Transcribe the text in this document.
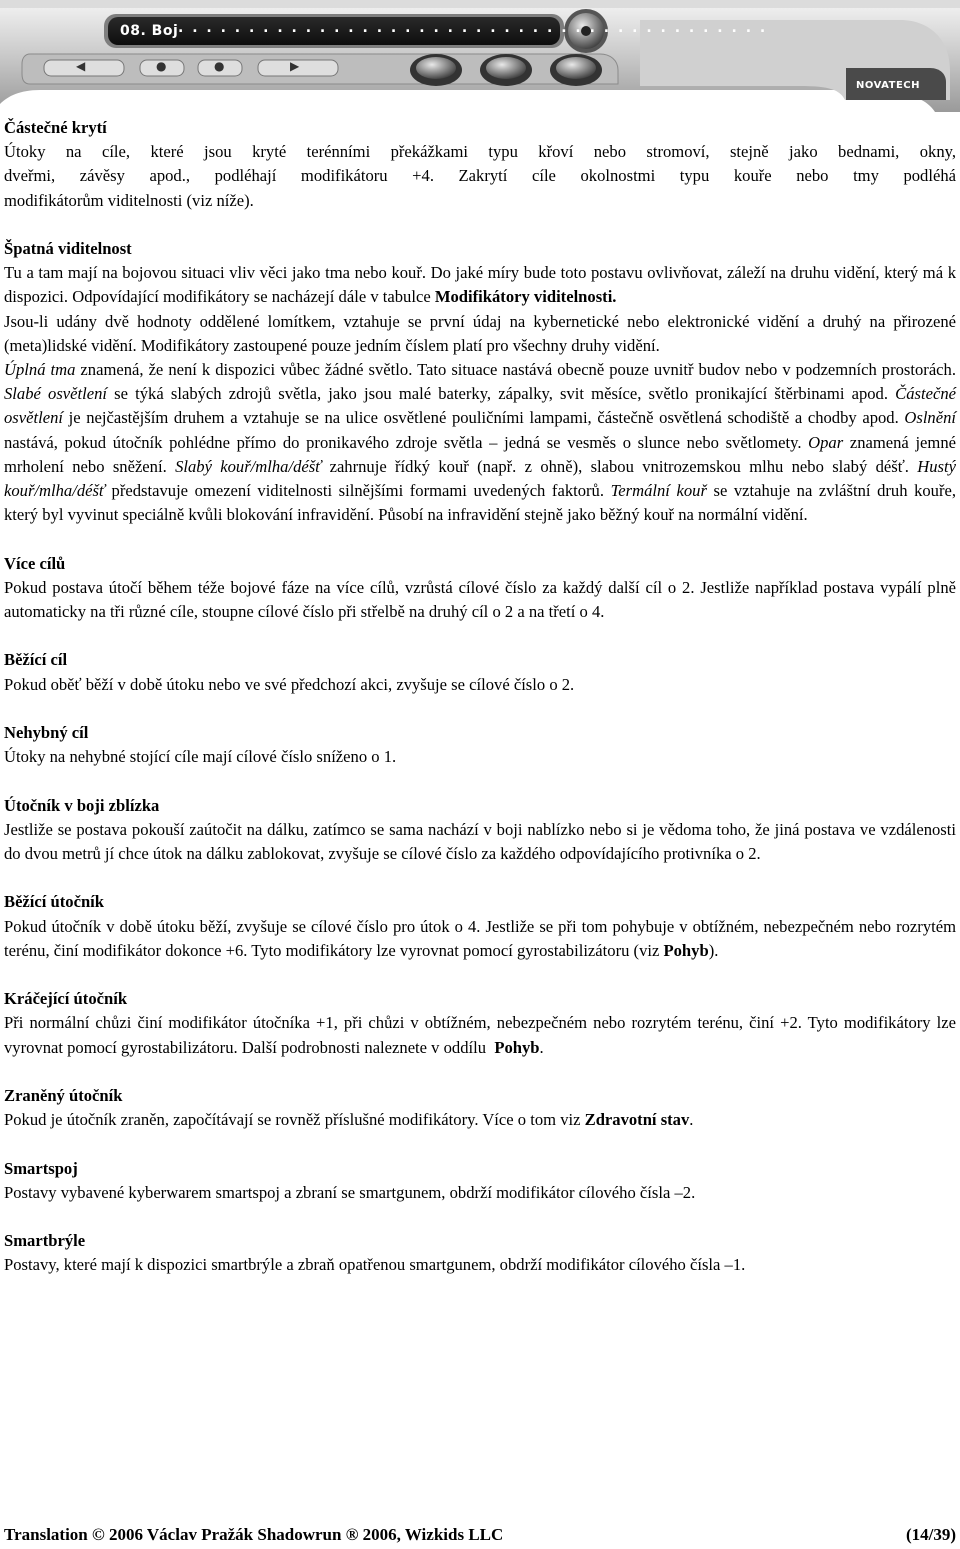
08. Boj . . . . . . . . . . . . . . . . . . . . . . . . . . . . . . . . . . . . . . . . . .
◀	●	●	▶
NOVATECH
Částečné krytí
Útoky na cíle, které jsou kryté terénními překážkami typu křoví nebo stromoví, stejně jako bednami, okny,
dveřmi, závěsy apod., podléhají modifikátoru +4. Zakrytí cíle okolnostmi typu kouře nebo tmy podléhá
modifikátorům viditelnosti (viz níže).
Špatná viditelnost
Tu a tam mají na bojovou situaci vliv věci jako tma nebo kouř. Do jaké míry bude toto postavu ovlivňovat, záleží na druhu vidění, který má k dispozici. Odpovídající modifikátory se nacházejí dále v tabulce Modifikátory viditelnosti.
Jsou-li udány dvě hodnoty oddělené lomítkem, vztahuje se první údaj na kybernetické nebo elektronické vidění a druhý na přirozené (meta)lidské vidění. Modifikátory zastoupené pouze jedním číslem platí pro všechny druhy vidění.
Úplná tma znamená, že není k dispozici vůbec žádné světlo. Tato situace nastává obecně pouze uvnitř budov nebo v podzemních prostorách. Slabé osvětlení se týká slabých zdrojů světla, jako jsou malé baterky, zápalky, svit měsíce, světlo pronikající štěrbinami apod. Částečné osvětlení je nejčastějším druhem a vztahuje se na ulice osvětlené pouličními lampami, částečně osvětlená schodiště a chodby apod. Oslnění nastává, pokud útočník pohlédne přímo do pronikavého zdroje světla – jedná se vesměs o slunce nebo světlomety. Opar znamená jemné mrholení nebo sněžení. Slabý kouř/mlha/déšť zahrnuje řídký kouř (např. z ohně), slabou vnitrozemskou mlhu nebo slabý déšť. Hustý kouř/mlha/déšť představuje omezení viditelnosti silnějšími formami uvedených faktorů. Termální kouř se vztahuje na zvláštní druh kouře, který byl vyvinut speciálně kvůli blokování infravidění. Působí na infravidění stejně jako běžný kouř na normální vidění.
Více cílů
Pokud postava útočí během téže bojové fáze na více cílů, vzrůstá cílové číslo za každý další cíl o 2. Jestliže například postava vypálí plně automaticky na tři různé cíle, stoupne cílové číslo při střelbě na druhý cíl o 2 a na třetí o 4.
Běžící cíl
Pokud oběť běží v době útoku nebo ve své předchozí akci, zvyšuje se cílové číslo o 2.
Nehybný cíl
Útoky na nehybné stojící cíle mají cílové číslo sníženo o 1.
Útočník v boji zblízka
Jestliže se postava pokouší zaútočit na dálku, zatímco se sama nachází v boji nablízko nebo si je vědoma toho, že jiná postava ve vzdálenosti do dvou metrů jí chce útok na dálku zablokovat, zvyšuje se cílové číslo za každého odpovídajícího protivníka o 2.
Běžící útočník
Pokud útočník v době útoku běží, zvyšuje se cílové číslo pro útok o 4. Jestliže se při tom pohybuje v obtížném, nebezpečném nebo rozrytém terénu, činí modifikátor dokonce +6. Tyto modifikátory lze vyrovnat pomocí gyrostabilizátoru (viz Pohyb).
Kráčející útočník
Při normální chůzi činí modifikátor útočníka +1, při chůzi v obtížném, nebezpečném nebo rozrytém terénu, činí +2. Tyto modifikátory lze vyrovnat pomocí gyrostabilizátoru. Další podrobnosti naleznete v oddílu  Pohyb.
Zraněný útočník
Pokud je útočník zraněn, započítávají se rovněž příslušné modifikátory. Více o tom viz Zdravotní stav.
Smartspoj
Postavy vybavené kyberwarem smartspoj a zbraní se smartgunem, obdrží modifikátor cílového čísla –2.
Smartbrýle
Postavy, které mají k dispozici smartbrýle a zbraň opatřenou smartgunem, obdrží modifikátor cílového čísla –1.
Translation © 2006 Václav Pražák Shadowrun ® 2006, Wizkids LLC	(14/39)
